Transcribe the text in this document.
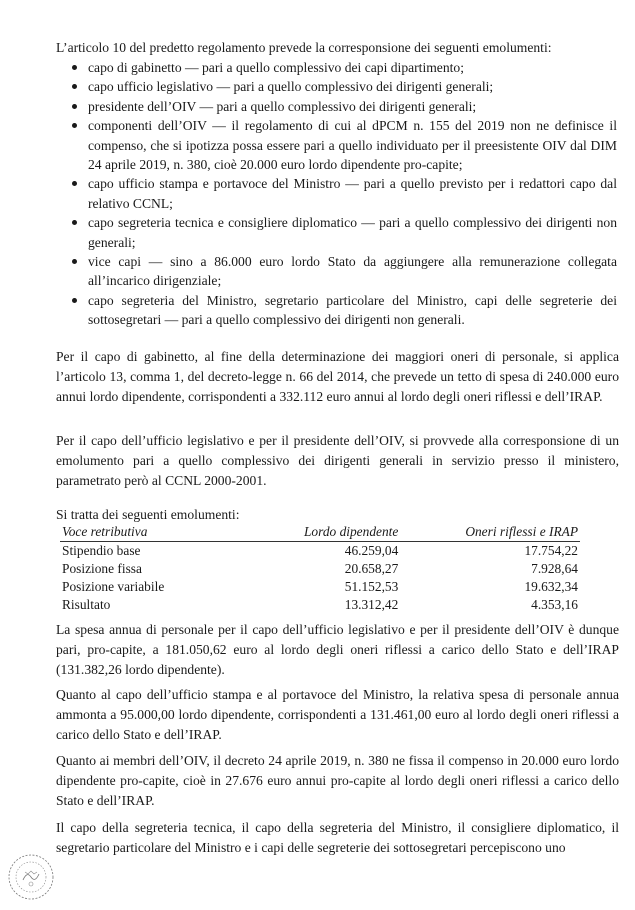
L’articolo 10 del predetto regolamento prevede la corresponsione dei seguenti emolumenti:
capo di gabinetto — pari a quello complessivo dei capi dipartimento;
capo ufficio legislativo — pari a quello complessivo dei dirigenti generali;
presidente dell’OIV — pari a quello complessivo dei dirigenti generali;
componenti dell’OIV — il regolamento di cui al dPCM n. 155 del 2019 non ne definisce il compenso, che si ipotizza possa essere pari a quello individuato per il preesistente OIV dal DIM 24 aprile 2019, n. 380, cioè 20.000 euro lordo dipendente pro-capite;
capo ufficio stampa e portavoce del Ministro — pari a quello previsto per i redattori capo dal relativo CCNL;
capo segreteria tecnica e consigliere diplomatico — pari a quello complessivo dei dirigenti non generali;
vice capi — sino a 86.000 euro lordo Stato da aggiungere alla remunerazione collegata all’incarico dirigenziale;
capo segreteria del Ministro, segretario particolare del Ministro, capi delle segreterie dei sottosegretari — pari a quello complessivo dei dirigenti non generali.

Per il capo di gabinetto, al fine della determinazione dei maggiori oneri di personale, si applica l’articolo 13, comma 1, del decreto-legge n. 66 del 2014, che prevede un tetto di spesa di 240.000 euro annui lordo dipendente, corrispondenti a 332.112 euro annui al lordo degli oneri riflessi e dell’IRAP.

Per il capo dell’ufficio legislativo e per il presidente dell’OIV, si provvede alla corresponsione di un emolumento pari a quello complessivo dei dirigenti generali in servizio presso il ministero, parametrato però al CCNL 2000-2001.

Si tratta dei seguenti emolumenti:
Voce retributiva	Lordo dipendente	Oneri riflessi e IRAP
Stipendio base	46.259,04	17.754,22
Posizione fissa	20.658,27	7.928,64
Posizione variabile	51.152,53	19.632,34
Risultato	13.312,42	4.353,16

La spesa annua di personale per il capo dell’ufficio legislativo e per il presidente dell’OIV è dunque pari, pro-capite, a 181.050,62 euro al lordo degli oneri riflessi a carico dello Stato e dell’IRAP (131.382,26 lordo dipendente).

Quanto al capo dell’ufficio stampa e al portavoce del Ministro, la relativa spesa di personale annua ammonta a 95.000,00 lordo dipendente, corrispondenti a 131.461,00 euro al lordo degli oneri riflessi a carico dello Stato e dell’IRAP.

Quanto ai membri dell’OIV, il decreto 24 aprile 2019, n. 380 ne fissa il compenso in 20.000 euro lordo dipendente pro-capite, cioè in 27.676 euro annui pro-capite al lordo degli oneri riflessi a carico dello Stato e dell’IRAP.

Il capo della segreteria tecnica, il capo della segreteria del Ministro, il consigliere diplomatico, il segretario particolare del Ministro e i capi delle segreterie dei sottosegretari percepiscono uno
